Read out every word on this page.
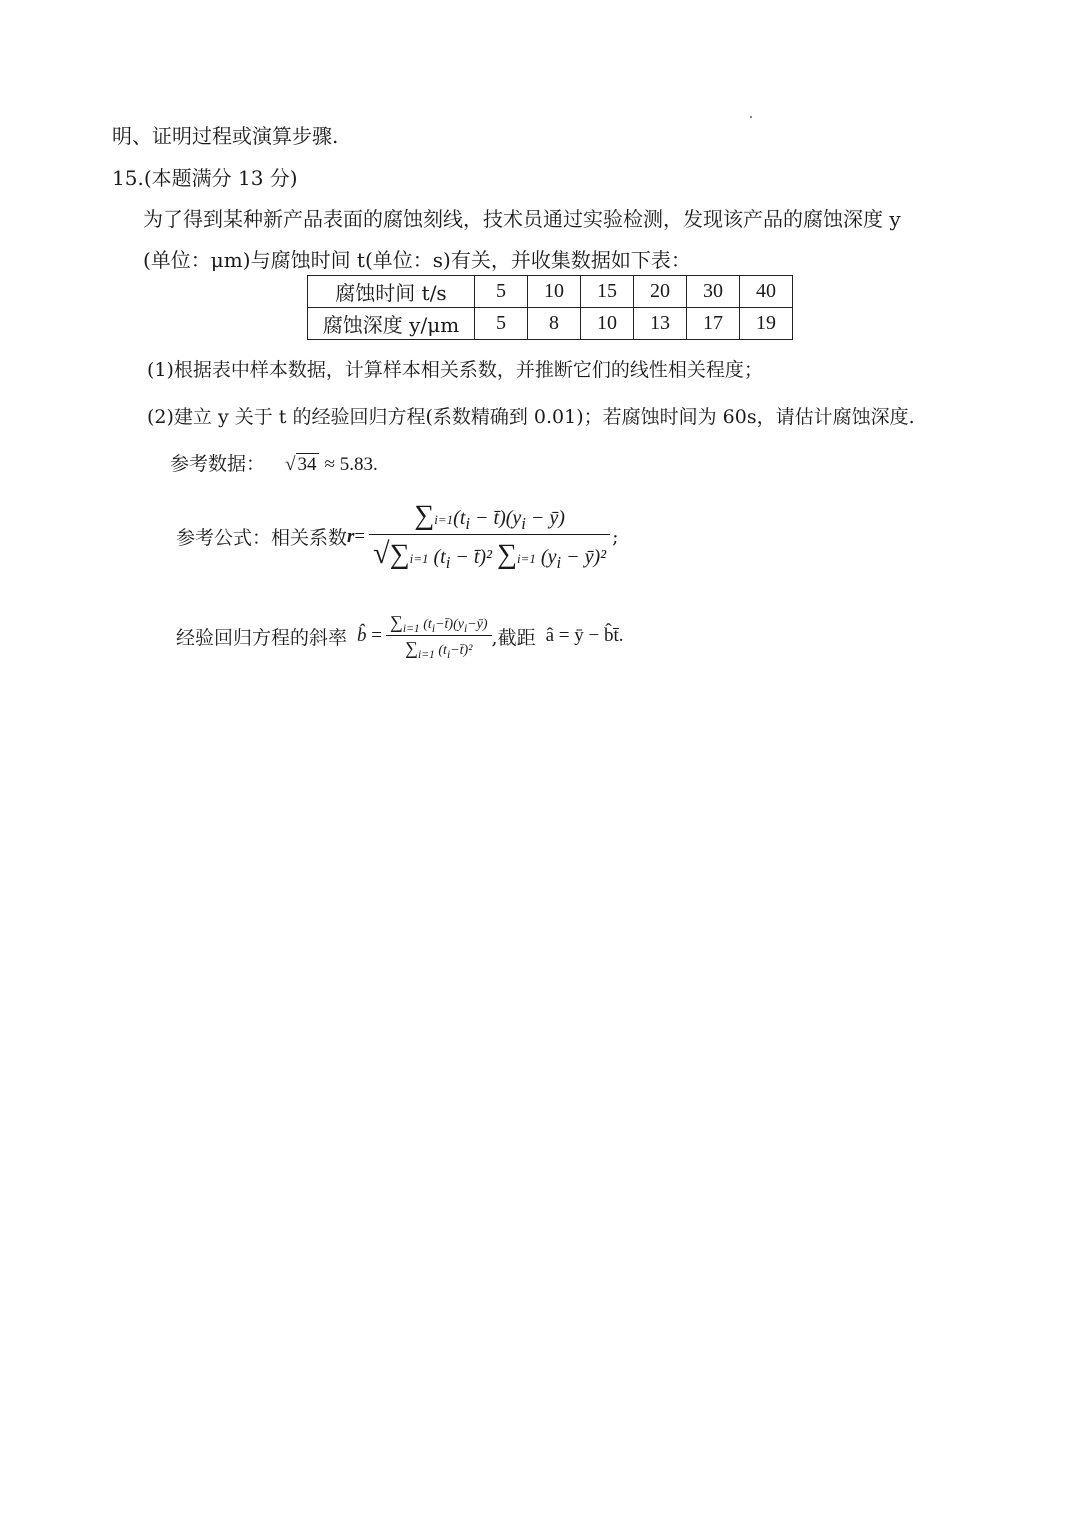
明、证明过程或演算步骤.
15.(本题满分 13 分)
为了得到某种新产品表面的腐蚀刻线，技术员通过实验检测，发现该产品的腐蚀深度 y
(单位：μm)与腐蚀时间 t(单位：s)有关，并收集数据如下表：
腐蚀时间 t/s	5	10	15	20	30	40
腐蚀深度 y/μm	5	8	10	13	17	19
(1)根据表中样本数据，计算样本相关系数，并推断它们的线性相关程度；
(2)建立 y 关于 t 的经验回归方程(系数精确到 0.01)；若腐蚀时间为 60s，请估计腐蚀深度.
参考数据： √ 34 ≈ 5.83.
参考公式：相关系数 $r = \frac{\sum i=1(t_i - t̄)(y_i - ȳ)}{√\sum i=1 (t_i - t̄)^2 \sum i=1 (y_i - ȳ)^2}$ ;
经验回归方程的斜率 b̂ = $\frac{\sum_{i=1} (t_i-t̄)(y_i-ȳ)}{\sum_{i=1} (t_i-t̄)^2}$ ,截距 â = ȳ − b̂t̄.
